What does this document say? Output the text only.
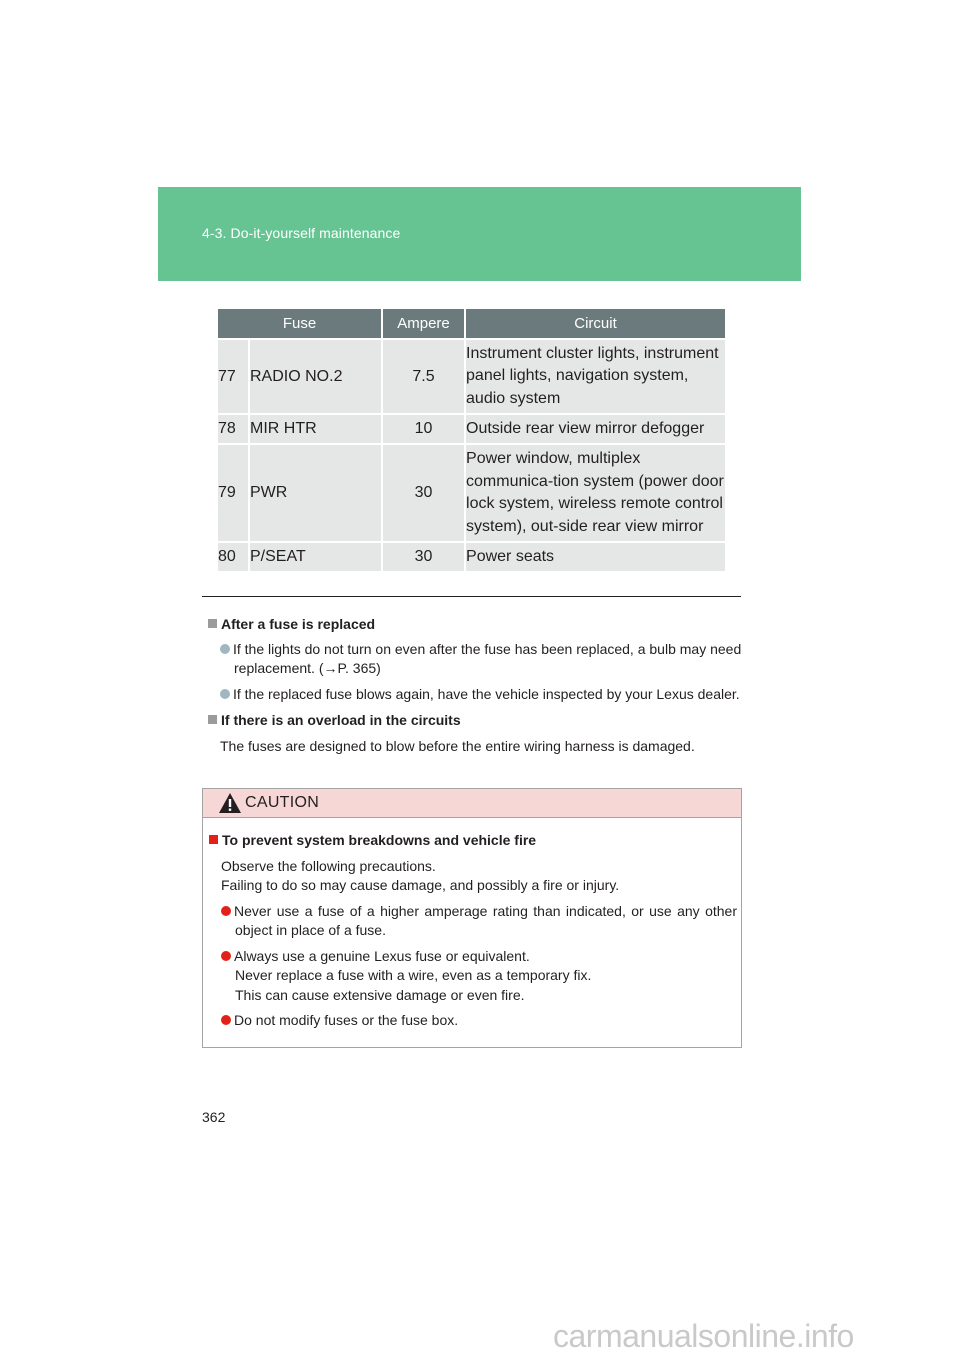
4-3. Do-it-yourself maintenance
Fuse		Ampere	Circuit
77	RADIO NO.2	7.5	Instrument cluster lights, instrument panel lights, navigation system, audio system
78	MIR HTR	10	Outside rear view mirror defogger
79	PWR	30	Power window, multiplex communica-tion system (power door lock system, wireless remote control system), out-side rear view mirror
80	P/SEAT	30	Power seats
After a fuse is replaced
If the lights do not turn on even after the fuse has been replaced, a bulb may need replacement. (→P. 365)
If the replaced fuse blows again, have the vehicle inspected by your Lexus dealer.
If there is an overload in the circuits
The fuses are designed to blow before the entire wiring harness is damaged.
CAUTION
To prevent system breakdowns and vehicle fire
Observe the following precautions.
Failing to do so may cause damage, and possibly a fire or injury.
Never use a fuse of a higher amperage rating than indicated, or use any other object in place of a fuse.
Always use a genuine Lexus fuse or equivalent.
Never replace a fuse with a wire, even as a temporary fix.
This can cause extensive damage or even fire.
Do not modify fuses or the fuse box.
362
carmanualsonline.info
